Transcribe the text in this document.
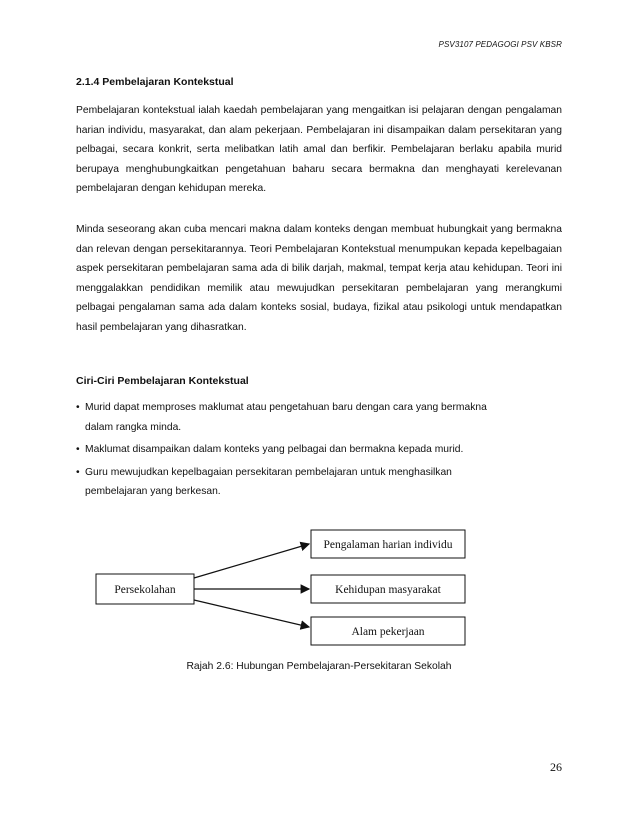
PSV3107 PEDAGOGI PSV KBSR
2.1.4 Pembelajaran Kontekstual

Pembelajaran kontekstual ialah kaedah pembelajaran yang mengaitkan isi pelajaran dengan pengalaman harian individu, masyarakat, dan alam pekerjaan. Pembelajaran ini disampaikan dalam persekitaran yang pelbagai, secara konkrit, serta melibatkan latih amal dan berfikir. Pembelajaran berlaku apabila murid berupaya menghubungkaitkan pengetahuan baharu secara bermakna dan menghayati kerelevanan pembelajaran dengan kehidupan mereka.

Minda seseorang akan cuba mencari makna dalam konteks dengan membuat hubungkait yang bermakna dan relevan dengan persekitarannya. Teori Pembelajaran Kontekstual menumpukan kepada kepelbagaian aspek persekitaran pembelajaran sama ada di bilik darjah, makmal, tempat kerja atau kehidupan. Teori ini menggalakkan pendidikan memilik atau mewujudkan persekitaran pembelajaran yang merangkumi pelbagai pengalaman sama ada dalam konteks sosial, budaya, fizikal atau psikologi untuk mendapatkan hasil pembelajaran yang dihasratkan.

Ciri-Ciri Pembelajaran Kontekstual
• Murid dapat memproses maklumat atau pengetahuan baru dengan cara yang bermakna
dalam rangka minda.
• Maklumat disampaikan dalam konteks yang pelbagai dan bermakna kepada murid.
• Guru mewujudkan kepelbagaian persekitaran pembelajaran untuk menghasilkan
pembelajaran yang berkesan.
Persekolahan
Pengalaman harian individu
Kehidupan masyarakat
Alam pekerjaan
Rajah 2.6: Hubungan Pembelajaran-Persekitaran Sekolah
26
